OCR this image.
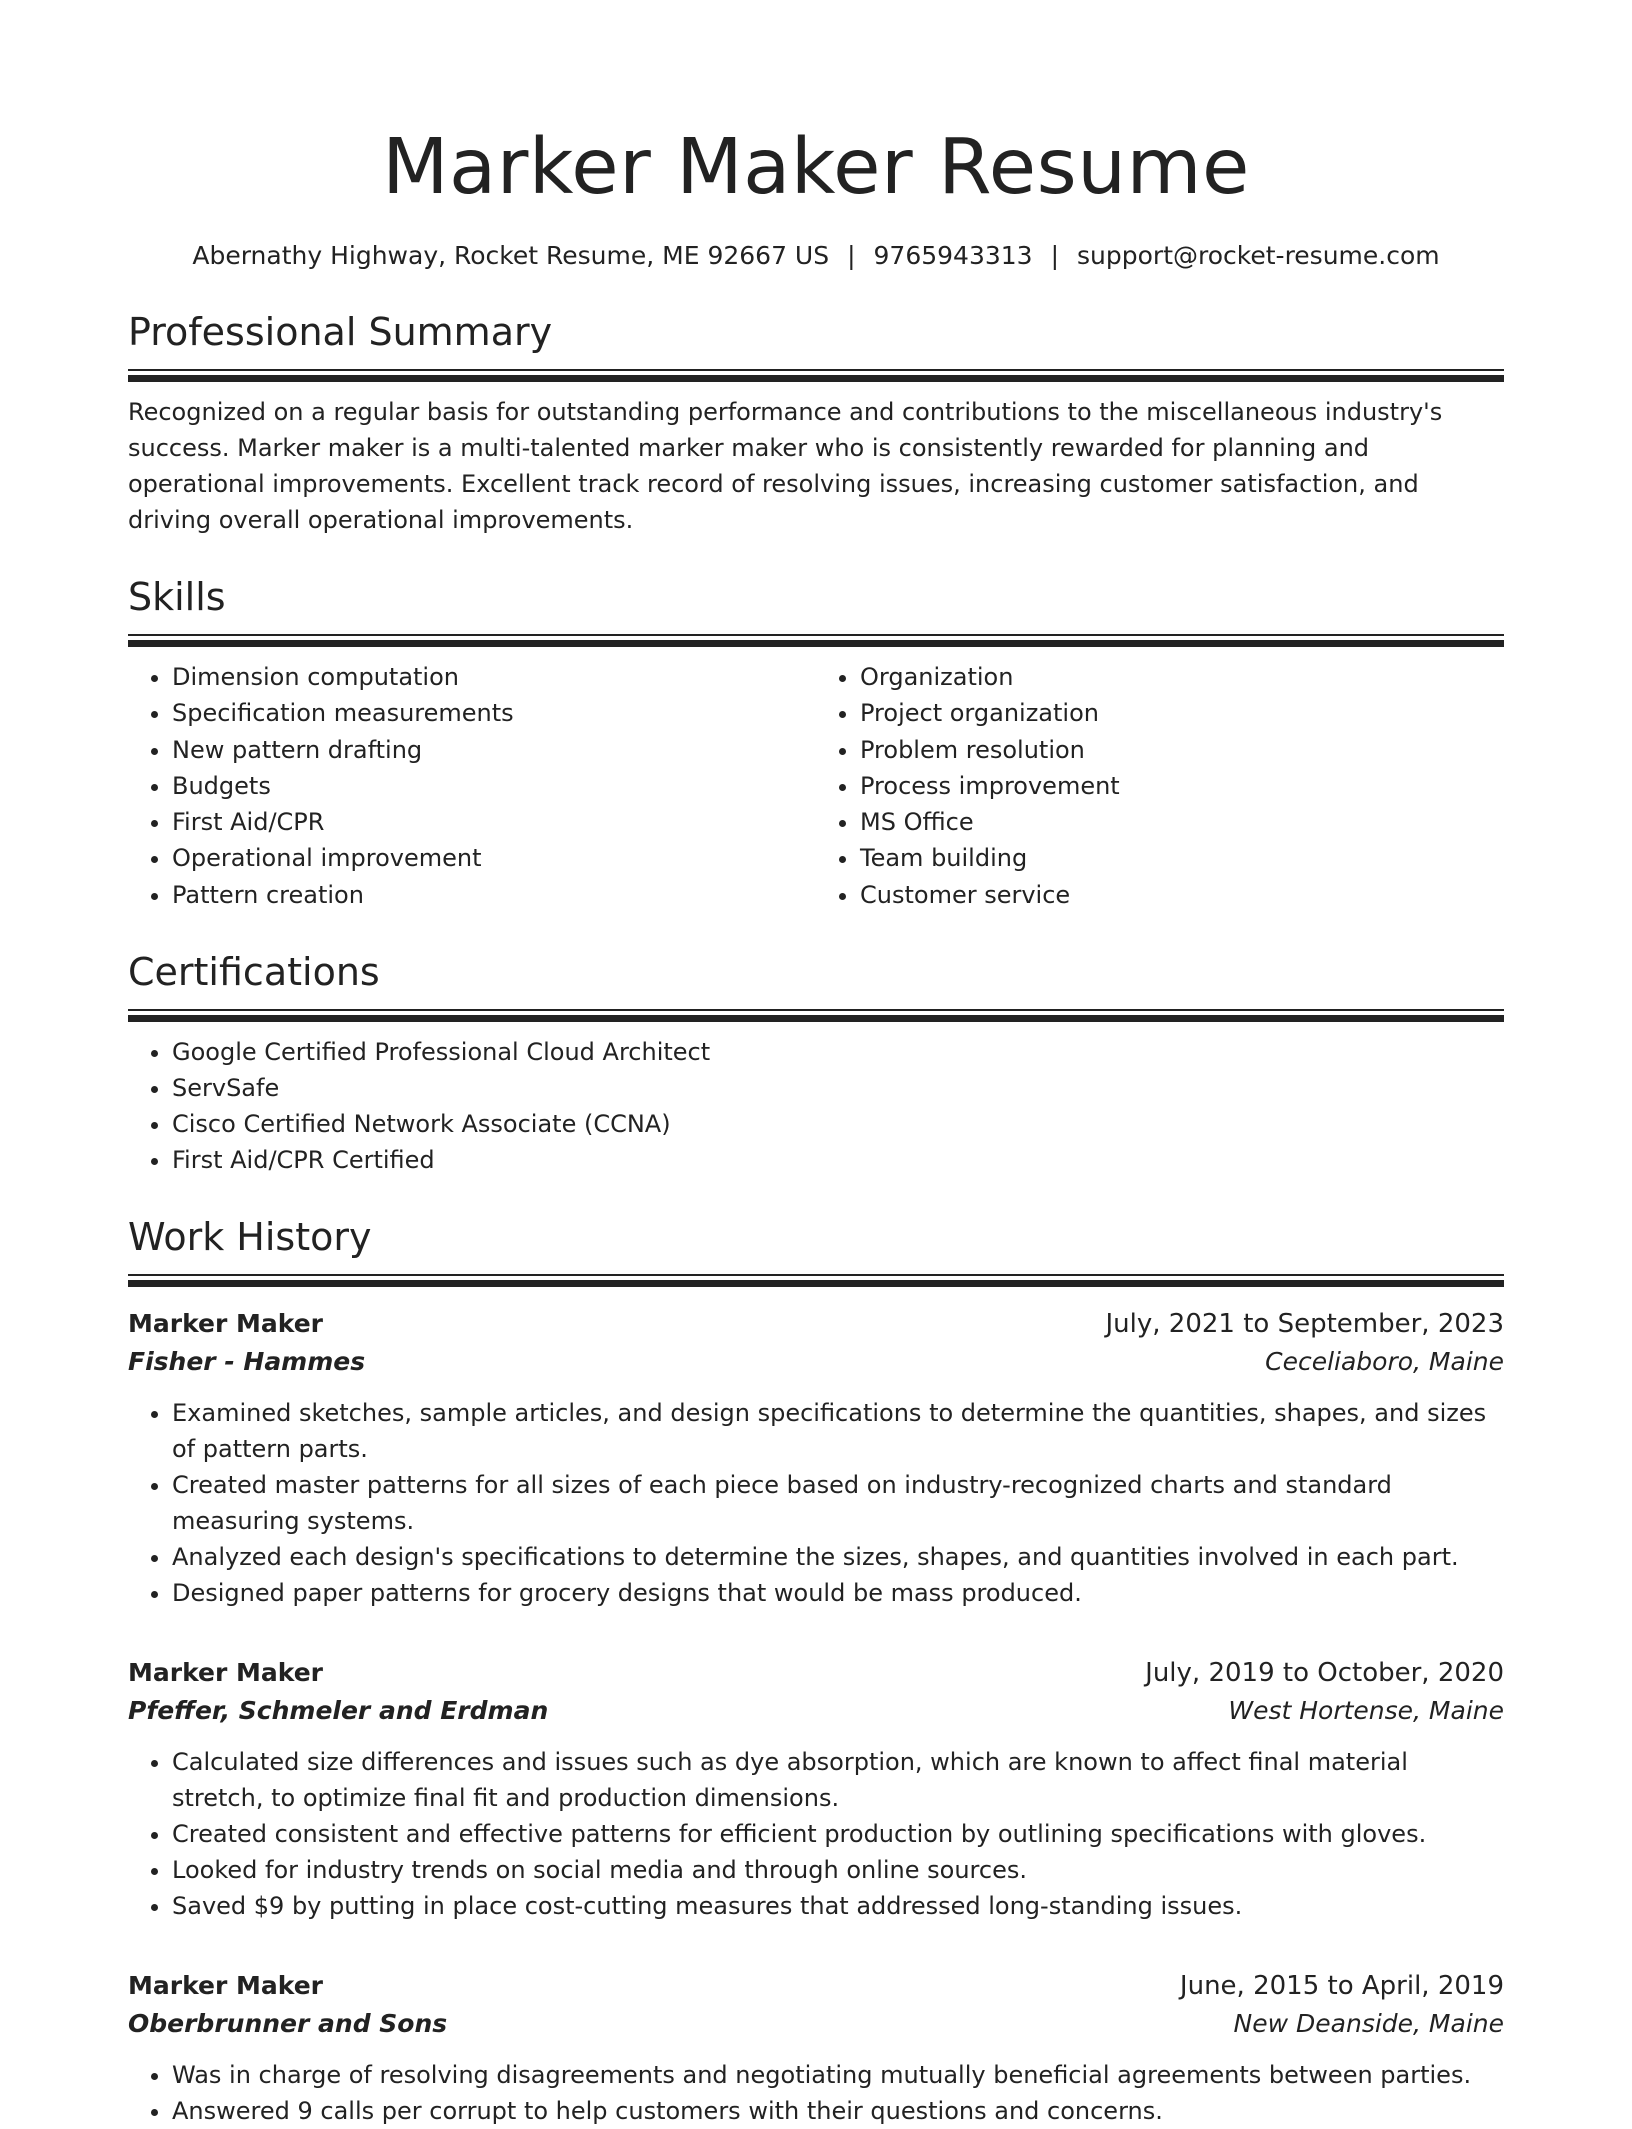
Marker Maker Resume
Abernathy Highway, Rocket Resume, ME 92667 US | 9765943313 | support@rocket-resume.com
Professional Summary
Recognized on a regular basis for outstanding performance and contributions to the miscellaneous industry's success. Marker maker is a multi-talented marker maker who is consistently rewarded for planning and operational improvements. Excellent track record of resolving issues, increasing customer satisfaction, and driving overall operational improvements.
Skills
• Dimension computation
• Specification measurements
• New pattern drafting
• Budgets
• First Aid/CPR
• Operational improvement
• Pattern creation
• Organization
• Project organization
• Problem resolution
• Process improvement
• MS Office
• Team building
• Customer service
Certifications
• Google Certified Professional Cloud Architect
• ServSafe
• Cisco Certified Network Associate (CCNA)
• First Aid/CPR Certified
Work History
Marker Maker	July, 2021 to September, 2023
Fisher - Hammes	Ceceliaboro, Maine
• Examined sketches, sample articles, and design specifications to determine the quantities, shapes, and sizes of pattern parts.
• Created master patterns for all sizes of each piece based on industry-recognized charts and standard measuring systems.
• Analyzed each design's specifications to determine the sizes, shapes, and quantities involved in each part.
• Designed paper patterns for grocery designs that would be mass produced.
Marker Maker	July, 2019 to October, 2020
Pfeffer, Schmeler and Erdman	West Hortense, Maine
• Calculated size differences and issues such as dye absorption, which are known to affect final material stretch, to optimize final fit and production dimensions.
• Created consistent and effective patterns for efficient production by outlining specifications with gloves.
• Looked for industry trends on social media and through online sources.
• Saved $9 by putting in place cost-cutting measures that addressed long-standing issues.
Marker Maker	June, 2015 to April, 2019
Oberbrunner and Sons	New Deanside, Maine
• Was in charge of resolving disagreements and negotiating mutually beneficial agreements between parties.
• Answered 9 calls per corrupt to help customers with their questions and concerns.
